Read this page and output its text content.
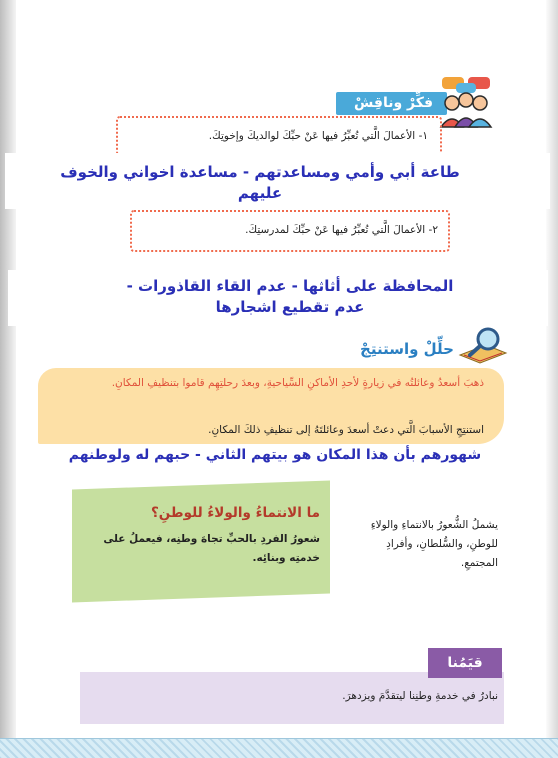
فكِّرْ وناقِشْ
١- الأعمالَ الَّتي تُعبِّرُ فيها عَنْ حبِّكَ لوالديكَ وإخوتِكَ.
طاعة أبي وأمي ومساعدتهم - مساعدة اخواني والخوف عليهم
٢- الأعمالَ الَّتي تُعبِّرُ فيها عَنْ حبِّكَ لمدرستِكَ.
المحافظة على أثاثها - عدم القاء القاذورات - عدم تقطيع اشجارها
حلِّلْ واستنتِجْ
ذهبَ أسعدُ وعائلتُه في زيارةٍ لأحدِ الأماكنِ السِّياحيةِ، وبعدَ رحلتِهِم قاموا بتنظيفِ المكانِ.
استنتِجِ الأسبابَ الَّتي دعتْ أسعدَ وعائلتَهُ إلى تنظيفِ ذلكَ المكانِ.
شهورهم بأن هذا المكان هو بيتهم الثاني - حبهم له ولوطنهم
ما الانتماءُ والولاءُ للوطنِ؟
شعورُ الفردِ بالحبِّ تجاهَ وطنِه، فيعملُ على خدمتِه وبنائِه.
يشملُ الشُّعورُ بالانتماءِ والولاءِ للوطنِ، والسُّلطانِ، وأفرادِ المجتمعِ.
قيَمُنا
نبادرُ في خدمةِ وطنِنا ليتقدَّمَ ويزدهرَ.
